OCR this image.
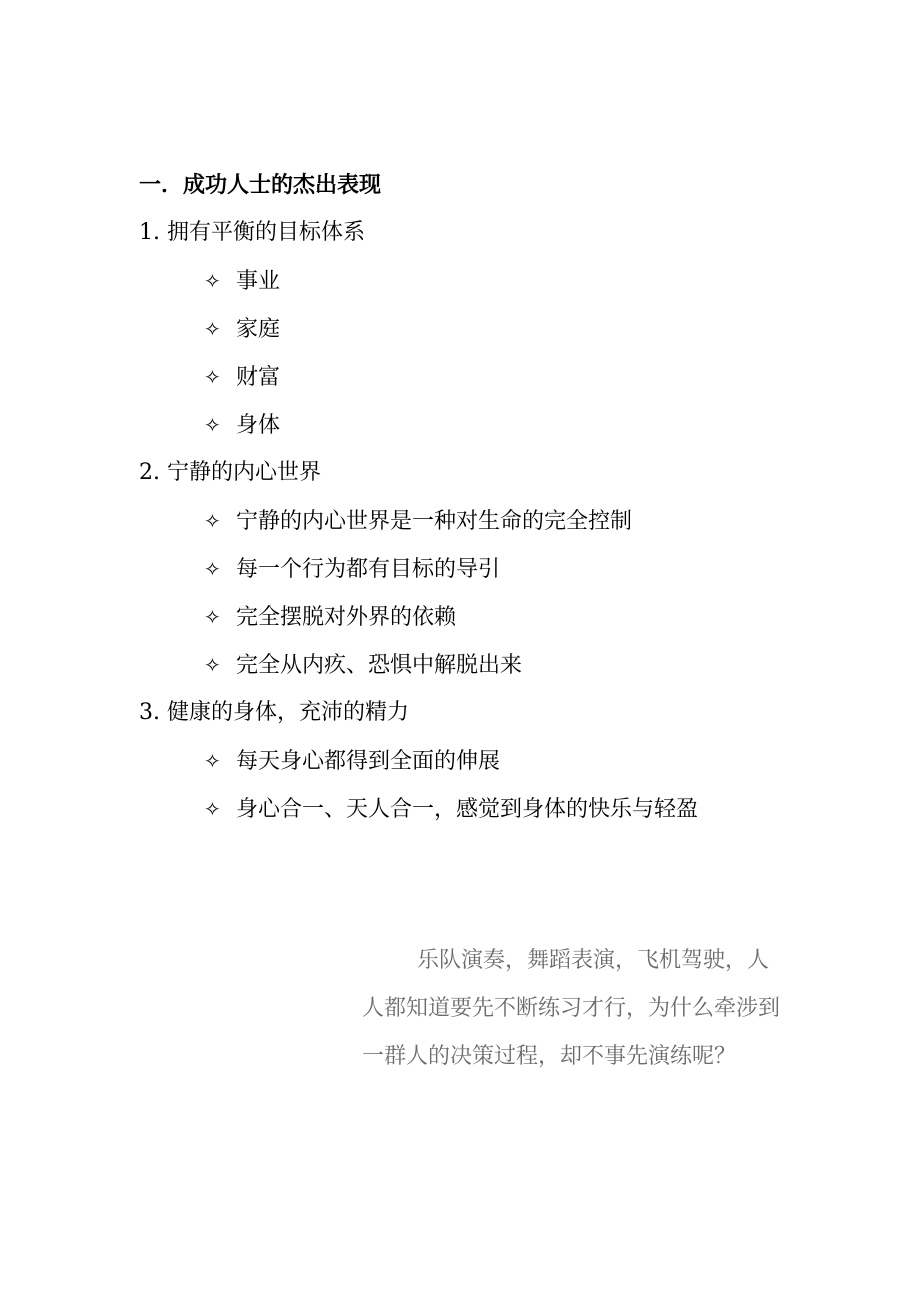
一．成功人士的杰出表现
1. 拥有平衡的目标体系
✧ 事业
✧ 家庭
✧ 财富
✧ 身体
2. 宁静的内心世界
✧ 宁静的内心世界是一种对生命的完全控制
✧ 每一个行为都有目标的导引
✧ 完全摆脱对外界的依赖
✧ 完全从内疚、恐惧中解脱出来
3. 健康的身体，充沛的精力
✧ 每天身心都得到全面的伸展
✧ 身心合一、天人合一，感觉到身体的快乐与轻盈

乐队演奏，舞蹈表演，飞机驾驶，人人都知道要先不断练习才行，为什么牵涉到一群人的决策过程，却不事先演练呢？
